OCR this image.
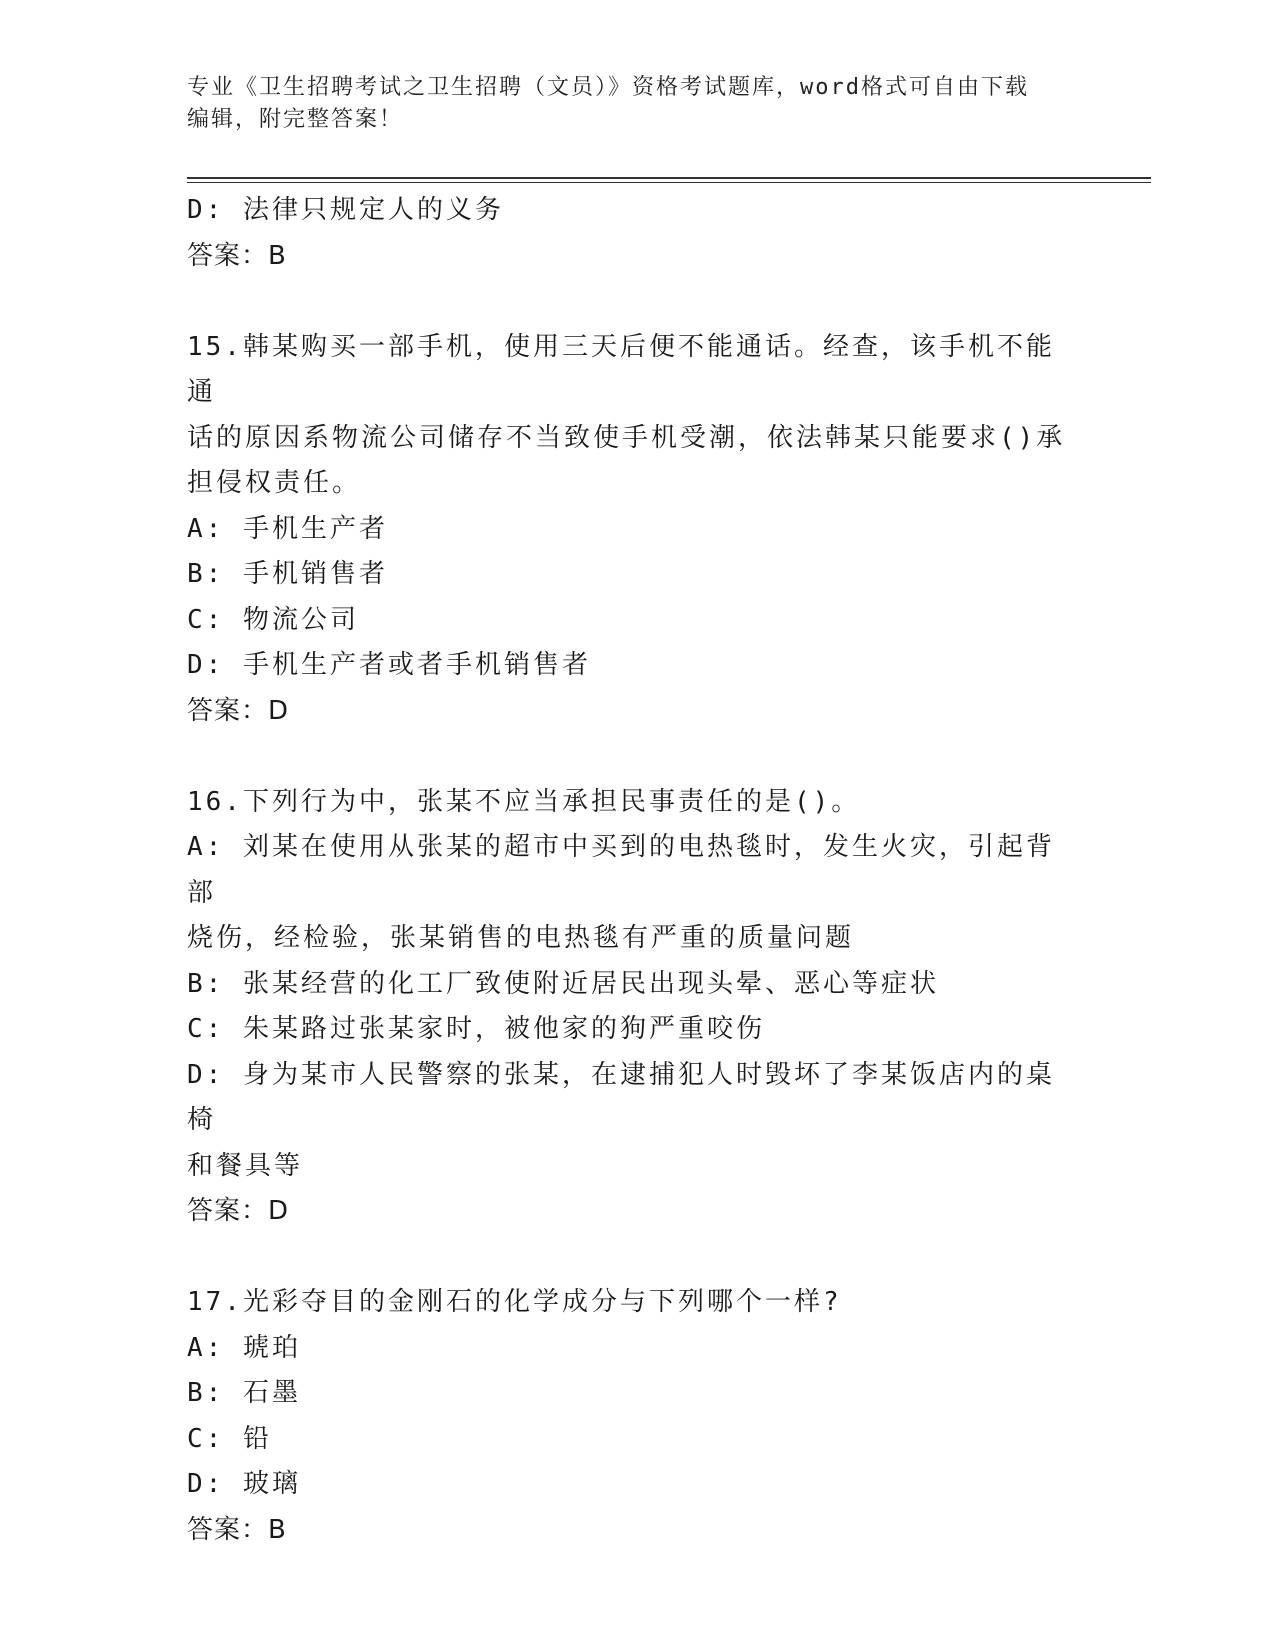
专业《卫生招聘考试之卫生招聘（文员）》资格考试题库，word格式可自由下载
编辑，附完整答案！

D: 法律只规定人的义务

答案：B

15.韩某购买一部手机，使用三天后便不能通话。经查，该手机不能通

话的原因系物流公司储存不当致使手机受潮，依法韩某只能要求()承

担侵权责任。

A: 手机生产者

B: 手机销售者

C: 物流公司

D: 手机生产者或者手机销售者

答案：D

16.下列行为中，张某不应当承担民事责任的是()。

A: 刘某在使用从张某的超市中买到的电热毯时，发生火灾，引起背部

烧伤，经检验，张某销售的电热毯有严重的质量问题

B: 张某经营的化工厂致使附近居民出现头晕、恶心等症状

C: 朱某路过张某家时，被他家的狗严重咬伤

D: 身为某市人民警察的张某，在逮捕犯人时毁坏了李某饭店内的桌椅

和餐具等

答案：D

17.光彩夺目的金刚石的化学成分与下列哪个一样?

A: 琥珀

B: 石墨

C: 铅

D: 玻璃

答案：B
